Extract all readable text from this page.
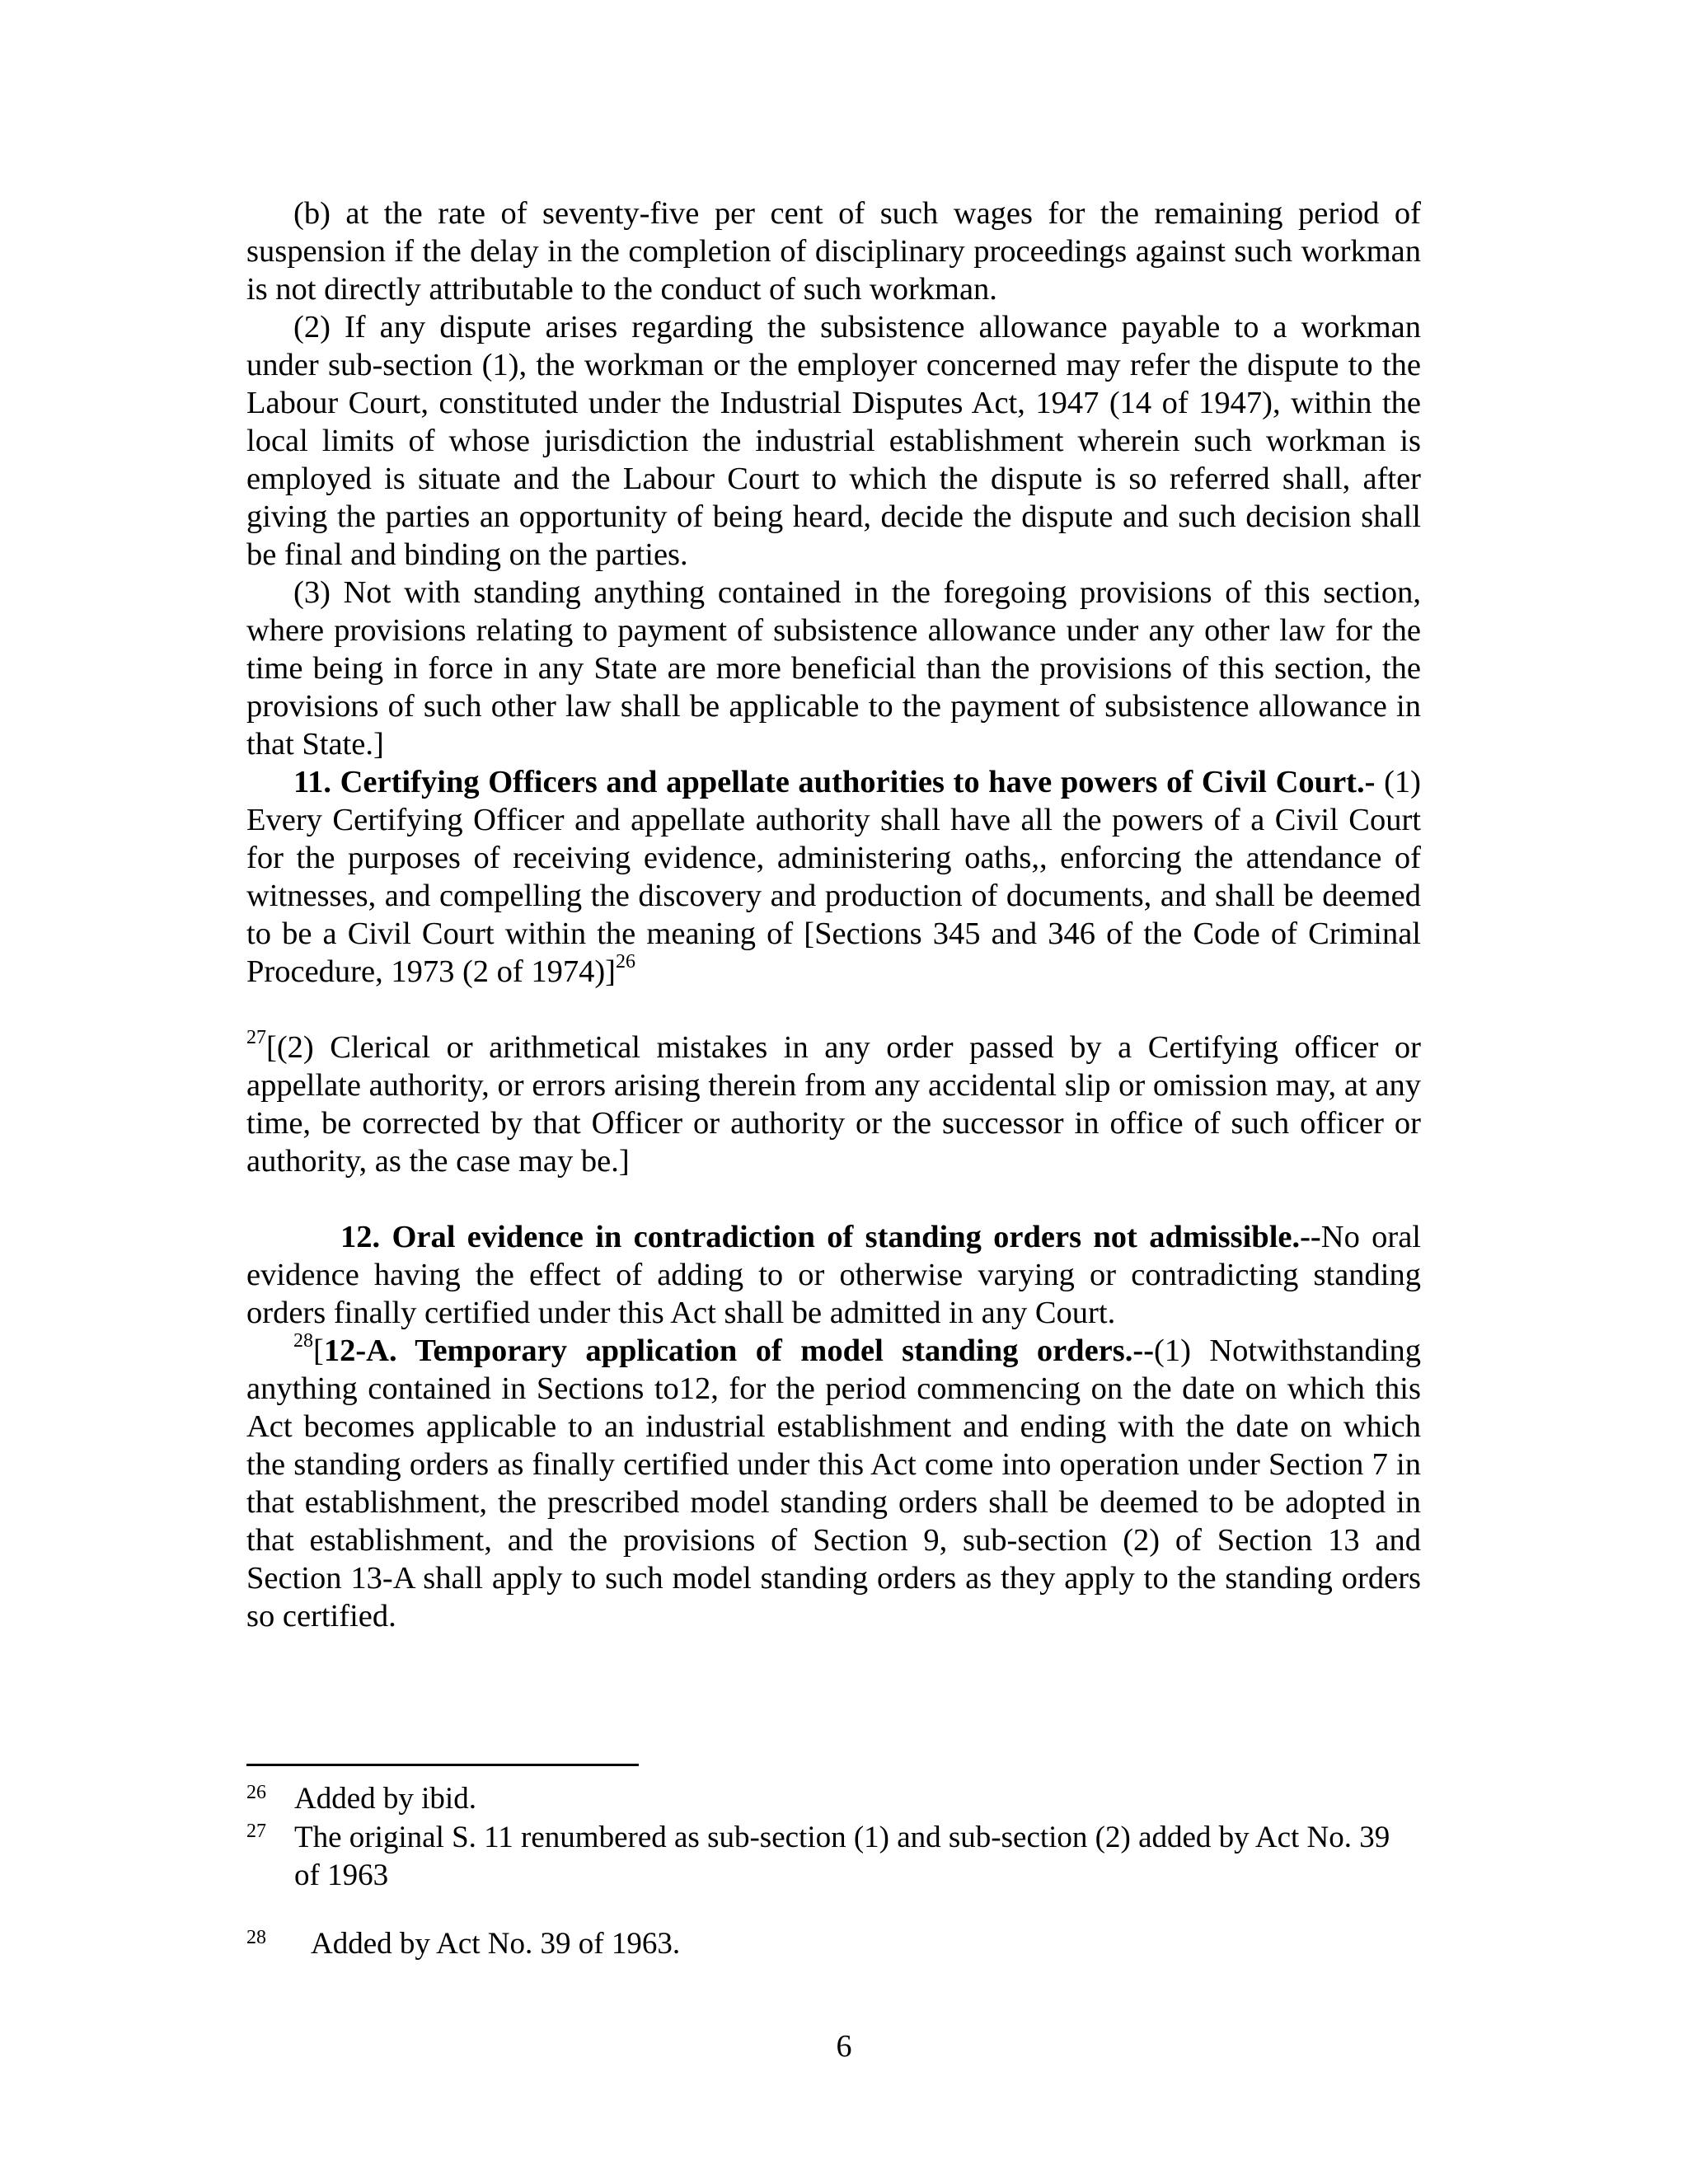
(b) at the rate of seventy-five per cent of such wages for the remaining period of suspension if the delay in the completion of disciplinary proceedings against such workman is not directly attributable to the conduct of such workman.

(2) If any dispute arises regarding the subsistence allowance payable to a workman under sub-section (1), the workman or the employer concerned may refer the dispute to the Labour Court, constituted under the Industrial Disputes Act, 1947 (14 of 1947), within the local limits of whose jurisdiction the industrial establishment wherein such workman is employed is situate and the Labour Court to which the dispute is so referred shall, after giving the parties an opportunity of being heard, decide the dispute and such decision shall be final and binding on the parties.

(3) Not with standing anything contained in the foregoing provisions of this section, where provisions relating to payment of subsistence allowance under any other law for the time being in force in any State are more beneficial than the provisions of this section, the provisions of such other law shall be applicable to the payment of subsistence allowance in that State.]

11. Certifying Officers and appellate authorities to have powers of Civil Court.- (1) Every Certifying Officer and appellate authority shall have all the powers of a Civil Court for the purposes of receiving evidence, administering oaths,, enforcing the attendance of witnesses, and compelling the discovery and production of documents, and shall be deemed to be a Civil Court within the meaning of [Sections 345 and 346 of the Code of Criminal Procedure, 1973 (2 of 1974)]$^{26}$

$^{27}$[(2) Clerical or arithmetical mistakes in any order passed by a Certifying officer or appellate authority, or errors arising therein from any accidental slip or omission may, at any time, be corrected by that Officer or authority or the successor in office of such officer or authority, as the case may be.]

12. Oral evidence in contradiction of standing orders not admissible.--No oral evidence having the effect of adding to or otherwise varying or contradicting standing orders finally certified under this Act shall be admitted in any Court.

$^{28}$[12-A. Temporary application of model standing orders.--(1) Notwithstanding anything contained in Sections to12, for the period commencing on the date on which this Act becomes applicable to an industrial establishment and ending with the date on which the standing orders as finally certified under this Act come into operation under Section 7 in that establishment, the prescribed model standing orders shall be deemed to be adopted in that establishment, and the provisions of Section 9, sub-section (2) of Section 13 and Section 13-A shall apply to such model standing orders as they apply to the standing orders so certified.

26 Added by ibid.
27 The original S. 11 renumbered as sub-section (1) and sub-section (2) added by Act No. 39 of 1963
28 Added by Act No. 39 of 1963.
6
